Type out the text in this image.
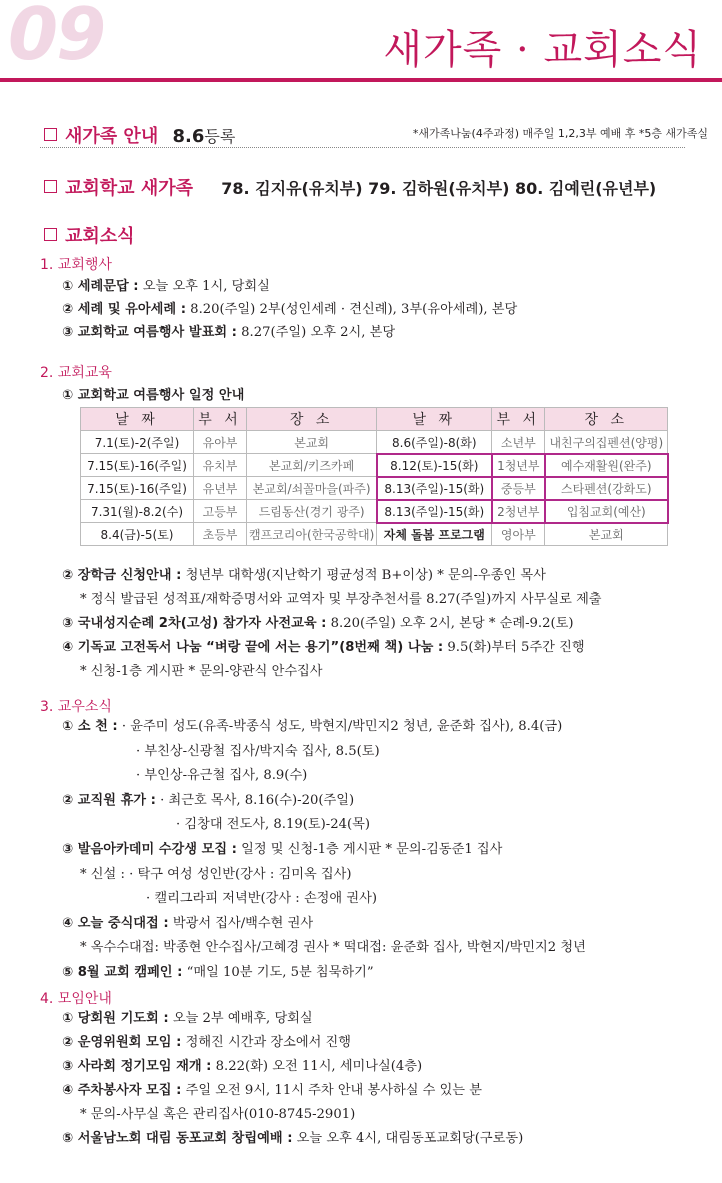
09	새가족 · 교회소식
새가족 안내 8.6등록	*새가족나눔(4주과정) 매주일 1,2,3부 예배 후 *5층 새가족실
교회학교 새가족 78. 김지유(유치부) 79. 김하원(유치부) 80. 김예린(유년부)
교회소식
1. 교회행사
① 세례문답 : 오늘 오후 1시, 당회실
② 세례 및 유아세례 : 8.20(주일) 2부(성인세례 · 견신례), 3부(유아세례), 본당
③ 교회학교 여름행사 발표회 : 8.27(주일) 오후 2시, 본당
2. 교회교육
① 교회학교 여름행사 일정 안내
날 짜	부 서	장 소	날 짜	부 서	장 소
7.1(토)-2(주일)	유아부	본교회	8.6(주일)-8(화)	소년부	내친구의집펜션(양평)
7.15(토)-16(주일)	유치부	본교회/키즈카페	8.12(토)-15(화)	1청년부	예수재활원(완주)
7.15(토)-16(주일)	유년부	본교회/쇠꼴마을(파주)	8.13(주일)-15(화)	중등부	스타펜션(강화도)
7.31(월)-8.2(수)	고등부	드림동산(경기 광주)	8.13(주일)-15(화)	2청년부	입침교회(예산)
8.4(금)-5(토)	초등부	캠프코리아(한국공학대)	자체 돌봄 프로그램	영아부	본교회
② 장학금 신청안내 : 청년부 대학생(지난학기 평균성적 B+이상) * 문의-우종인 목사
* 정식 발급된 성적표/재학증명서와 교역자 및 부장추천서를 8.27(주일)까지 사무실로 제출
③ 국내성지순례 2차(고성) 참가자 사전교육 : 8.20(주일) 오후 2시, 본당 * 순례-9.2(토)
④ 기독교 고전독서 나눔 “벼랑 끝에 서는 용기”(8번째 책) 나눔 : 9.5(화)부터 5주간 진행
* 신청-1층 게시판 * 문의-양관식 안수집사
3. 교우소식
① 소 천 : · 윤주미 성도(유족-박종식 성도, 박현지/박민지2 청년, 윤준화 집사), 8.4(금)
· 부친상-신광철 집사/박지숙 집사, 8.5(토)
· 부인상-유근철 집사, 8.9(수)
② 교직원 휴가 : · 최근호 목사, 8.16(수)-20(주일)
· 김창대 전도사, 8.19(토)-24(목)
③ 발음아카데미 수강생 모집 : 일정 및 신청-1층 게시판 * 문의-김동준1 집사
* 신설 : · 탁구 여성 성인반(강사 : 김미옥 집사)
· 캘리그라피 저녁반(강사 : 손정애 권사)
④ 오늘 중식대접 : 박광서 집사/백수현 권사
* 옥수수대접: 박종현 안수집사/고혜경 권사 * 떡대접: 윤준화 집사, 박현지/박민지2 청년
⑤ 8월 교회 캠페인 : “매일 10분 기도, 5분 침묵하기”
4. 모임안내
① 당회원 기도회 : 오늘 2부 예배후, 당회실
② 운영위원회 모임 : 정해진 시간과 장소에서 진행
③ 사라회 정기모임 재개 : 8.22(화) 오전 11시, 세미나실(4층)
④ 주차봉사자 모집 : 주일 오전 9시, 11시 주차 안내 봉사하실 수 있는 분
* 문의-사무실 혹은 관리집사(010-8745-2901)
⑤ 서울남노회 대림 동포교회 창립예배 : 오늘 오후 4시, 대림동포교회당(구로동)
